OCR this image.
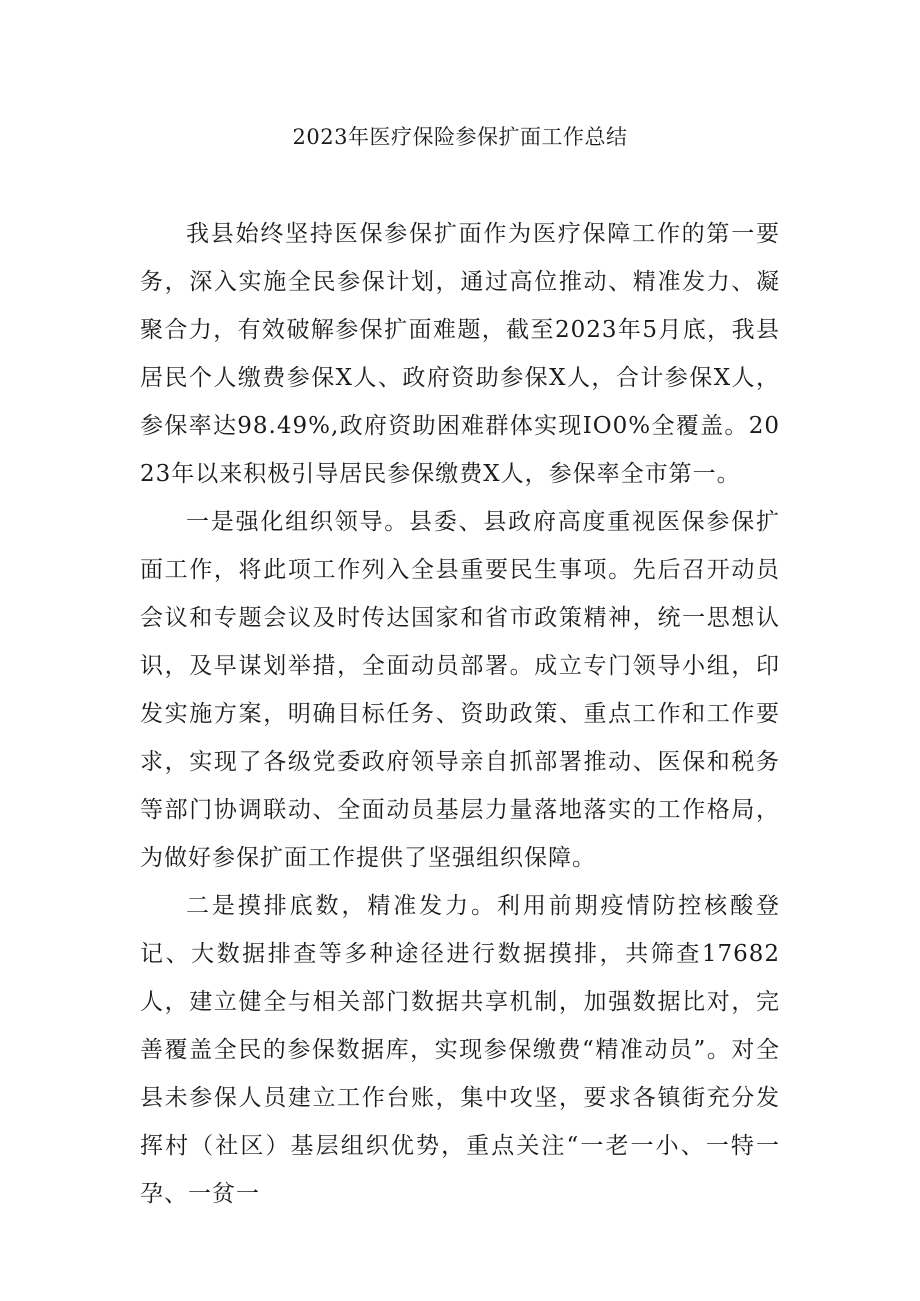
2023年医疗保险参保扩面工作总结

我县始终坚持医保参保扩面作为医疗保障工作的第一要务，深入实施全民参保计划，通过高位推动、精准发力、凝聚合力，有效破解参保扩面难题，截至2023年5月底，我县居民个人缴费参保X人、政府资助参保X人，合计参保X人，参保率达98.49%,政府资助困难群体实现IO0%全覆盖。2023年以来积极引导居民参保缴费X人，参保率全市第一。

一是强化组织领导。县委、县政府高度重视医保参保扩面工作，将此项工作列入全县重要民生事项。先后召开动员会议和专题会议及时传达国家和省市政策精神，统一思想认识，及早谋划举措，全面动员部署。成立专门领导小组，印发实施方案，明确目标任务、资助政策、重点工作和工作要求，实现了各级党委政府领导亲自抓部署推动、医保和税务等部门协调联动、全面动员基层力量落地落实的工作格局，为做好参保扩面工作提供了坚强组织保障。

二是摸排底数，精准发力。利用前期疫情防控核酸登记、大数据排查等多种途径进行数据摸排，共筛查17682人，建立健全与相关部门数据共享机制，加强数据比对，完善覆盖全民的参保数据库，实现参保缴费“精准动员”。对全县未参保人员建立工作台账，集中攻坚，要求各镇街充分发挥村（社区）基层组织优势，重点关注“一老一小、一特一孕、一贫一
